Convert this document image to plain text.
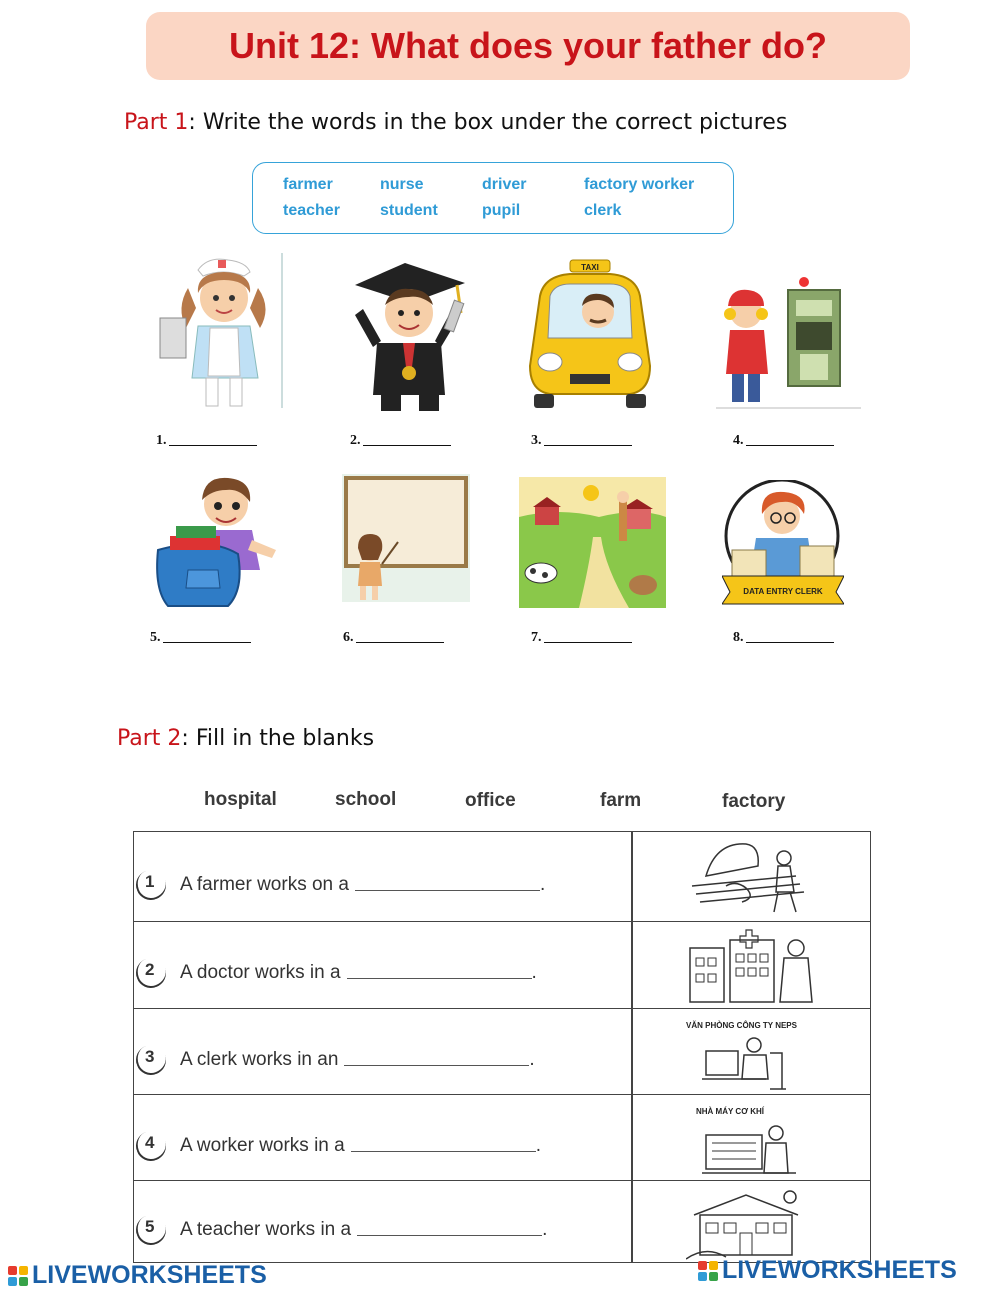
Unit 12: What does your father do?
Part 1: Write the words in the box under the correct pictures
farmer	nurse	driver	factory worker
teacher	student	pupil	clerk
TAXI
1.	2.	3.	4.
DATA ENTRY CLERK
5.	6.	7.	8.
Part 2: Fill in the blanks
hospital	school	office	farm	factory
1 A farmer works on a	.
2 A doctor works in a	.
3 A clerk works in an	.
VĂN PHÒNG CÔNG TY NEPS
4 A worker works in a	.
NHÀ MÁY CƠ KHÍ
5 A teacher works in a	.
LIVEWORKSHEETS	LIVEWORKSHEETS
